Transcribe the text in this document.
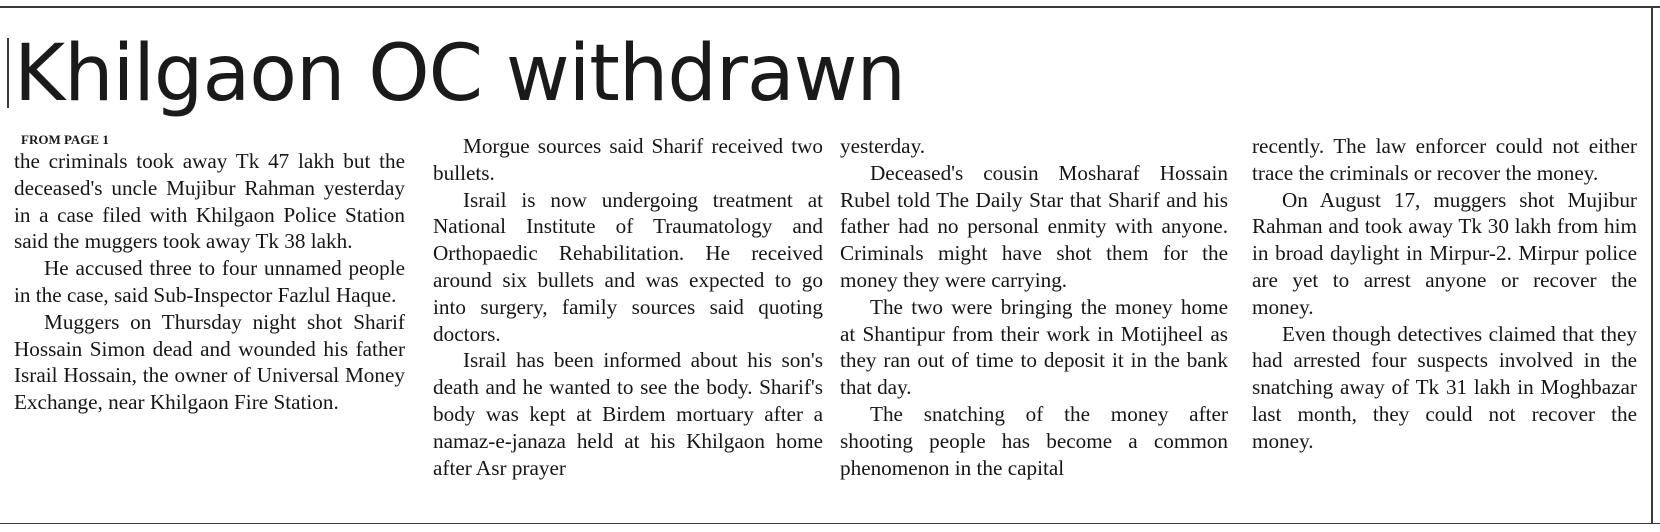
Khilgaon OC withdrawn
FROM PAGE 1

the criminals took away Tk 47 lakh but the deceased's uncle Mujibur Rahman yesterday in a case filed with Khilgaon Police Station said the muggers took away Tk 38 lakh.

He accused three to four unnamed people in the case, said Sub-Inspector Fazlul Haque.

Muggers on Thursday night shot Sharif Hossain Simon dead and wounded his father Israil Hossain, the owner of Universal Money Exchange, near Khilgaon Fire Station.

Morgue sources said Sharif received two bullets.

Israil is now undergoing treatment at National Institute of Traumatology and Orthopaedic Rehabilitation. He received around six bullets and was expected to go into surgery, family sources said quoting doctors.

Israil has been informed about his son's death and he wanted to see the body. Sharif's body was kept at Birdem mortuary after a namaz-e-janaza held at his Khilgaon home after Asr prayer

yesterday.

Deceased's cousin Mosharaf Hossain Rubel told The Daily Star that Sharif and his father had no personal enmity with anyone. Criminals might have shot them for the money they were carrying.

The two were bringing the money home at Shantipur from their work in Motijheel as they ran out of time to deposit it in the bank that day.

The snatching of the money after shooting people has become a common phenomenon in the capital

recently. The law enforcer could not either trace the criminals or recover the money.

On August 17, muggers shot Mujibur Rahman and took away Tk 30 lakh from him in broad daylight in Mirpur-2. Mirpur police are yet to arrest anyone or recover the money.

Even though detectives claimed that they had arrested four suspects involved in the snatching away of Tk 31 lakh in Moghbazar last month, they could not recover the money.
